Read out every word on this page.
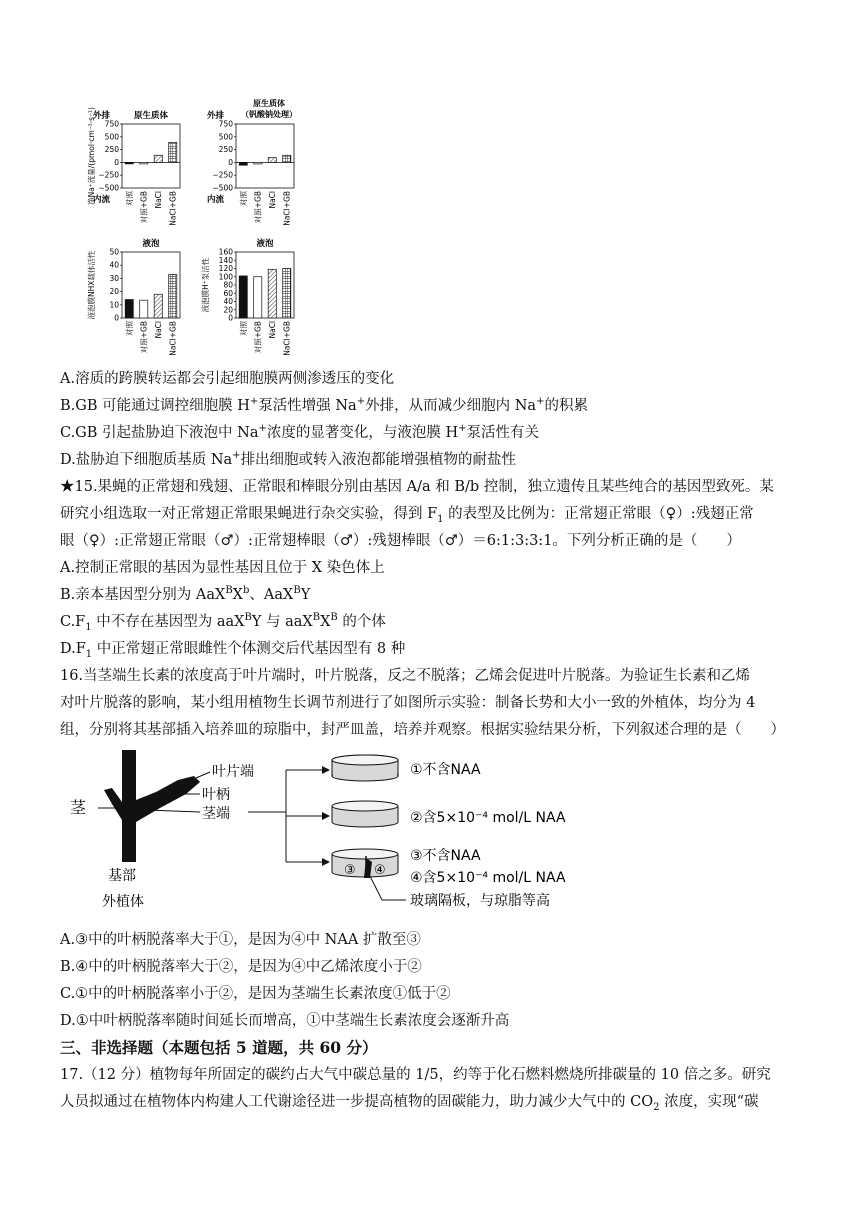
750
500
250
0
−250
−500
对照 对照+GB NaCl NaCl+GB
原生质体
外排
内流
净Na⁺流量/(pmol·cm⁻²·s⁻¹)	750
500
250
0
−250
−500
对照 对照+GB NaCl NaCl+GB
原生质体
（钒酸钠处理）
外排
内流
50
40
30
20
10
0
对照 对照+GB NaCl NaCl+GB
液泡
液泡膜NHX载体活性	160
140
120
100
80
60
40
20
0
对照 对照+GB NaCl NaCl+GB
液泡
液泡膜H⁺泵活性
A.溶质的跨膜转运都会引起细胞膜两侧渗透压的变化
B.GB 可能通过调控细胞膜 H+泵活性增强 Na+外排，从而减少细胞内 Na+的积累
C.GB 引起盐胁迫下液泡中 Na+浓度的显著变化，与液泡膜 H+泵活性有关
D.盐胁迫下细胞质基质 Na+排出细胞或转入液泡都能增强植物的耐盐性
★15.果蝇的正常翅和残翅、正常眼和棒眼分别由基因 A/a 和 B/b 控制，独立遗传且某些纯合的基因型致死。某
研究小组选取一对正常翅正常眼果蝇进行杂交实验，得到 $F_1$ 的表型及比例为：正常翅正常眼（♀）:残翅正常
眼（♀）:正常翅正常眼（♂）:正常翅棒眼（♂）:残翅棒眼（♂）＝6:1:3:3:1。下列分析正确的是（　　）
A.控制正常眼的基因为显性基因且位于 X 染色体上
B.亲本基因型分别为 $AaX^BX^b$、AaX$^B$Y
$C.F_1$ 中不存在基因型为 aaX$^B$Y 与 $aaX^BX^B$ 的个体
$D.F_1$ 中正常翅正常眼雌性个体测交后代基因型有 8 种
16.当茎端生长素的浓度高于叶片端时，叶片脱落，反之不脱落；乙烯会促进叶片脱落。为验证生长素和乙烯
对叶片脱落的影响，某小组用植物生长调节剂进行了如图所示实验：制备长势和大小一致的外植体，均分为 4
组，分别将其基部插入培养皿的琼脂中，封严皿盖，培养并观察。根据实验结果分析，下列叙述合理的是（　　）
茎
叶片端
叶柄
茎端
基部
外植体
①不含NAA
②含5×10⁻⁴ mol/L NAA
③ ④
③不含NAA
④含5×10⁻⁴ mol/L NAA
玻璃隔板，与琼脂等高
A.③中的叶柄脱落率大于①，是因为④中 NAA 扩散至③
B.④中的叶柄脱落率大于②，是因为④中乙烯浓度小于②
C.①中的叶柄脱落率小于②，是因为茎端生长素浓度①低于②
D.①中叶柄脱落率随时间延长而增高，①中茎端生长素浓度会逐渐升高
三、非选择题（本题包括 5 道题，共 60 分）
17.（12 分）植物每年所固定的碳约占大气中碳总量的 1/5，约等于化石燃料燃烧所排碳量的 10 倍之多。研究
人员拟通过在植物体内构建人工代谢途径进一步提高植物的固碳能力，助力减少大气中的 $CO_2$ 浓度，实现“碳
